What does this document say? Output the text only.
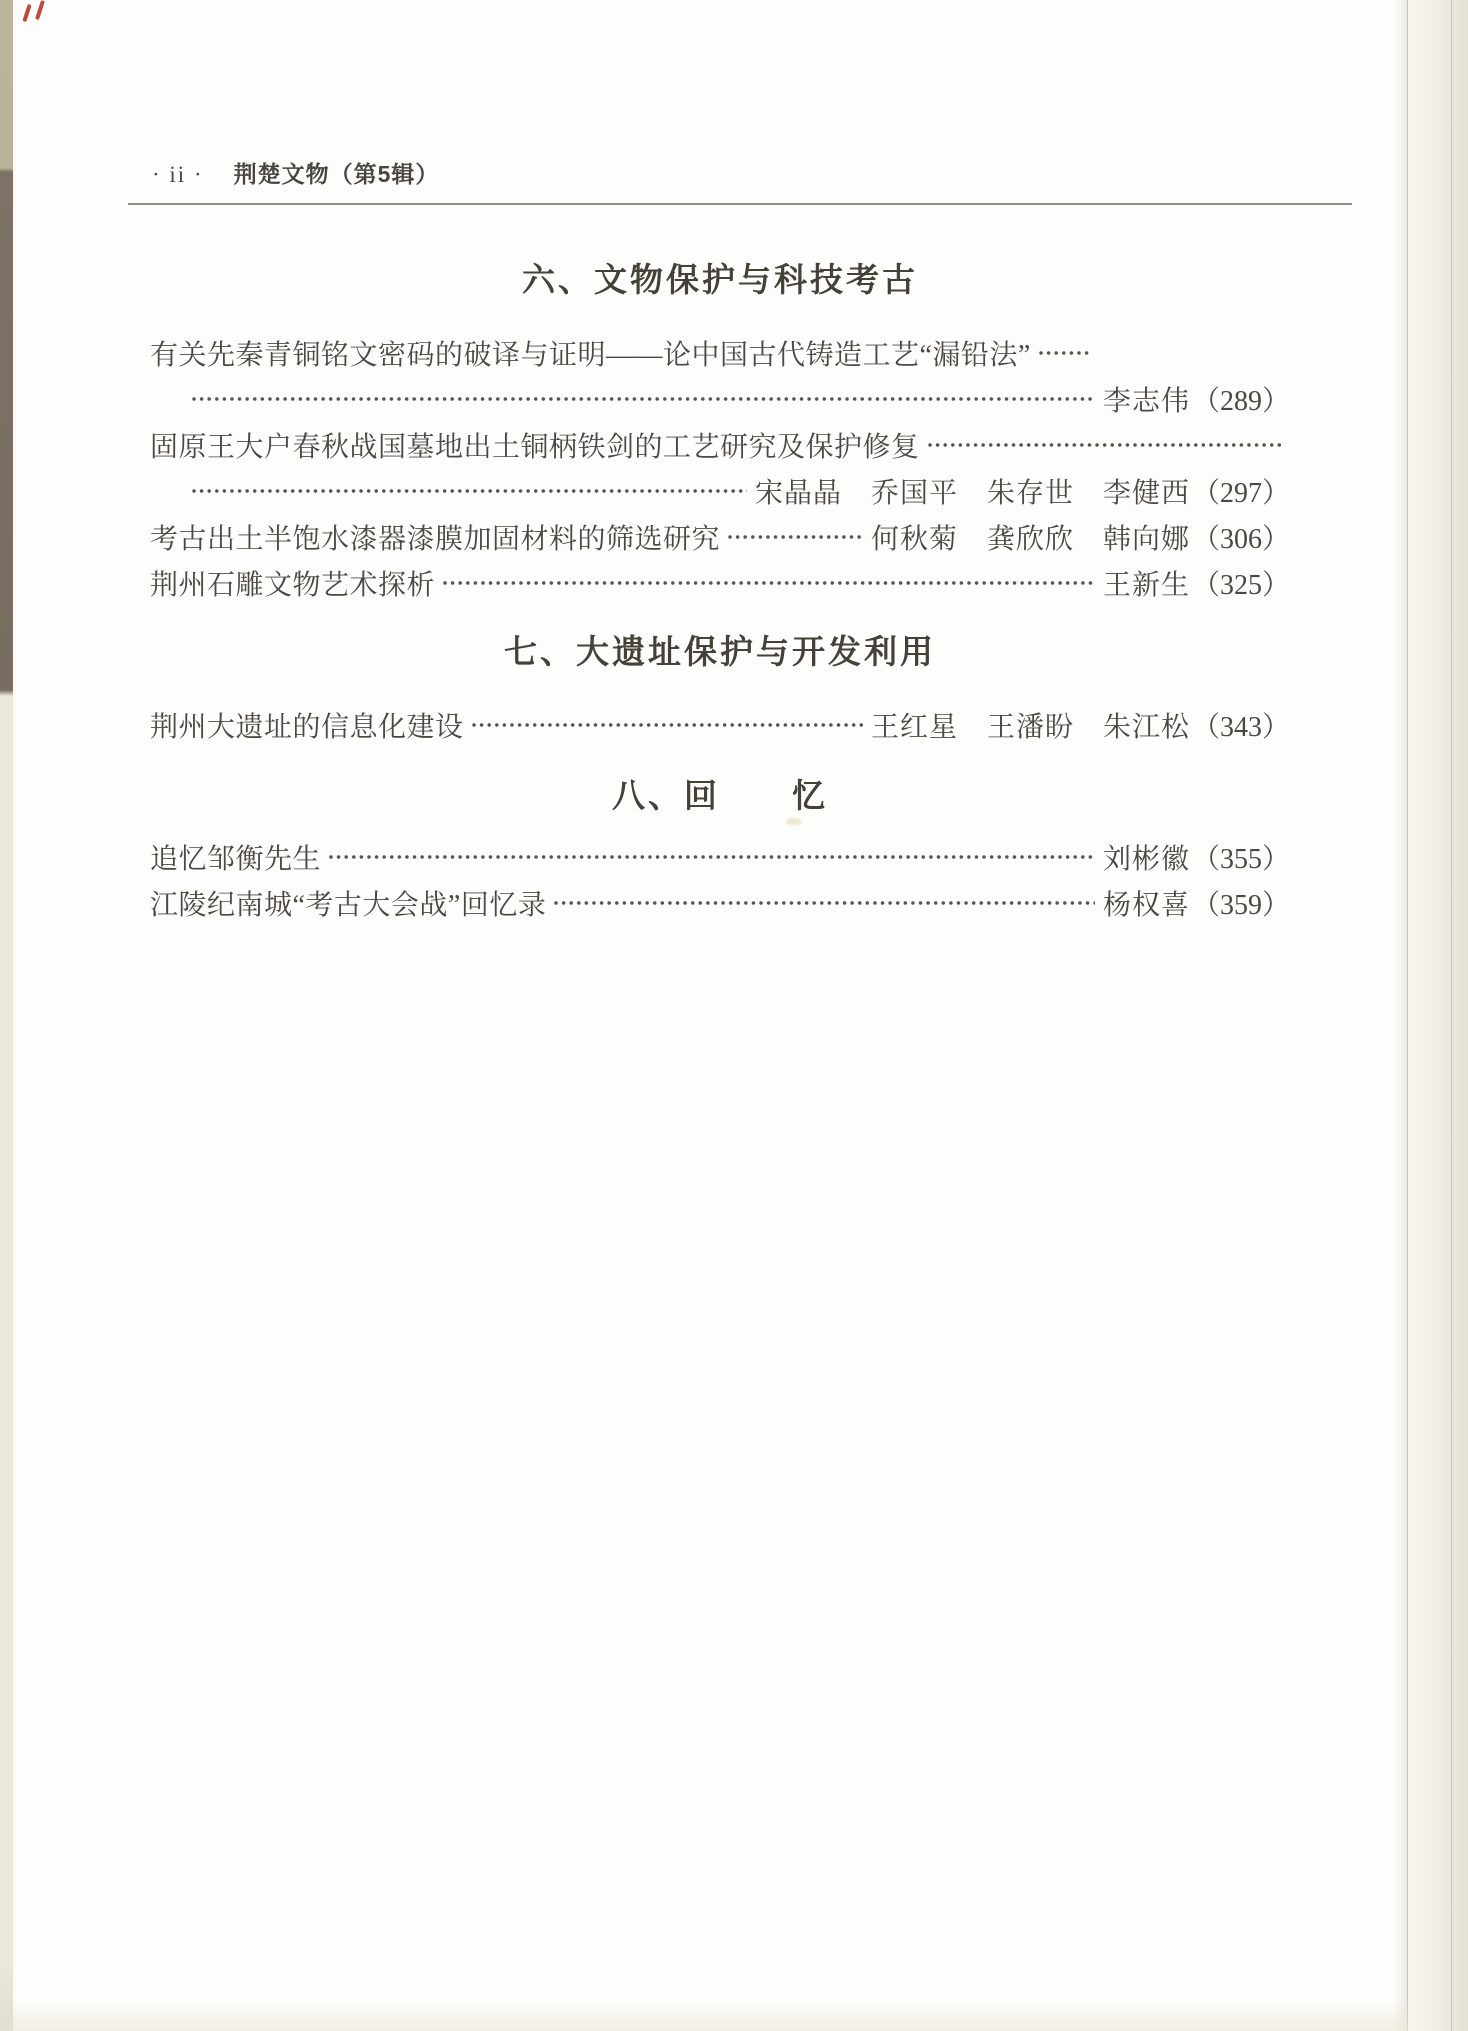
· ii · 荆楚文物（第5辑）
六、文物保护与科技考古
有关先秦青铜铭文密码的破译与证明——论中国古代铸造工艺“漏铅法”
李志伟 （289）
固原王大户春秋战国墓地出土铜柄铁剑的工艺研究及保护修复
宋晶晶　乔国平　朱存世　李健西 （297）
考古出土半饱水漆器漆膜加固材料的筛选研究	何秋菊　龚欣欣　韩向娜 （306）
荆州石雕文物艺术探析	王新生 （325）
七、大遗址保护与开发利用
荆州大遗址的信息化建设	王红星　王潘盼　朱江松 （343）
八、回　　忆
追忆邹衡先生	刘彬徽 （355）
江陵纪南城“考古大会战”回忆录	杨权喜 （359）
